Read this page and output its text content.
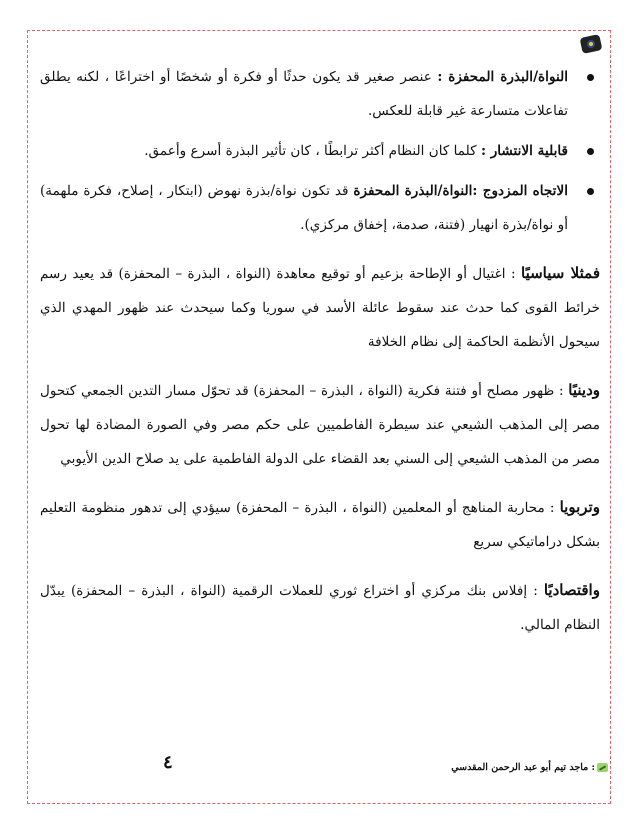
النواة/البذرة المحفزة : عنصر صغير قد يكون حدثًا أو فكرة أو شخصًا أو اختراعًا ، لكنه يطلق تفاعلات متسارعة غير قابلة للعكس.
قابلية الانتشار : كلما كان النظام أكثر ترابطًا ، كان تأثير البذرة أسرع وأعمق.
الاتجاه المزدوج :النواة/البذرة المحفزة قد تكون نواة/بذرة نهوض (ابتكار ، إصلاح، فكرة ملهمة) أو نواة/بذرة انهيار (فتنة، صدمة، إخفاق مركزي).

فمثلا سياسيًا : اغتيال أو الإطاحة بزعيم أو توقيع معاهدة (النواة ، البذرة – المحفزة) قد يعيد رسم خرائط القوى كما حدث عند سقوط عائلة الأسد في سوريا وكما سيحدث عند ظهور المهدي الذي سيحول الأنظمة الحاكمة إلى نظام الخلافة

ودينيًا : ظهور مصلح أو فتنة فكرية (النواة ، البذرة – المحفزة) قد تحوّل مسار التدين الجمعي كتحول مصر إلى المذهب الشيعي عند سيطرة الفاطميين على حكم مصر وفي الصورة المضادة لها تحول مصر من المذهب الشيعي إلى السني بعد القضاء على الدولة الفاطمية على يد صلاح الدين الأيوبي

وتربويا : محاربة المناهج أو المعلمين (النواة ، البذرة – المحفزة) سيؤدي إلى تدهور منظومة التعليم بشكل دراماتيكي سريع

واقتصاديًا : إفلاس بنك مركزي أو اختراع ثوري للعملات الرقمية (النواة ، البذرة – المحفزة) يبدّل النظام المالي.

٤	: ماجد تيم أبو عبد الرحمن المقدسي
